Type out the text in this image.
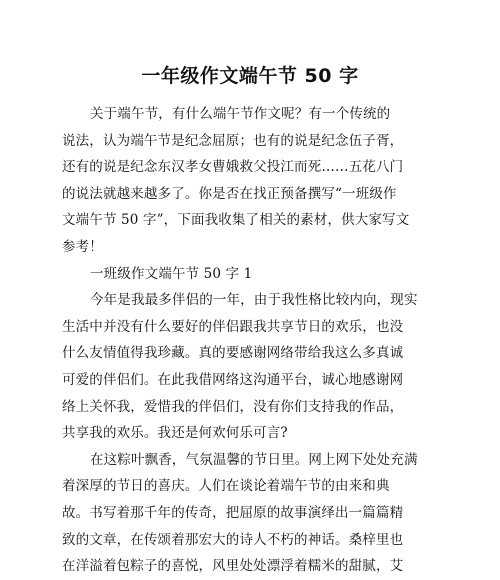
一年级作文端午节 50 字
关于端午节，有什么端午节作文呢？有一个传统的
说法，认为端午节是纪念屈原；也有的说是纪念伍子胥，
还有的说是纪念东汉孝女曹娥救父投江而死……五花八门
的说法就越来越多了。你是否在找正预备撰写“一班级作
文端午节 50 字”，下面我收集了相关的素材，供大家写文
参考！
一班级作文端午节 50 字 1
今年是我最多伴侣的一年，由于我性格比较内向，现实
生活中并没有什么要好的伴侣跟我共享节日的欢乐，也没
什么友情值得我珍藏。真的要感谢网络带给我这么多真诚
可爱的伴侣们。在此我借网络这沟通平台，诚心地感谢网
络上关怀我，爱惜我的伴侣们，没有你们支持我的作品，
共享我的欢乐。我还是何欢何乐可言?
在这粽叶飘香，气氛温馨的节日里。网上网下处处充满
着深厚的节日的喜庆。人们在谈论着端午节的由来和典
故。书写着那千年的传奇，把屈原的故事演绎出一篇篇精
致的文章，在传颂着那宏大的诗人不朽的神话。桑梓里也
在洋溢着包粽子的喜悦，风里处处漂浮着糯米的甜腻，艾
